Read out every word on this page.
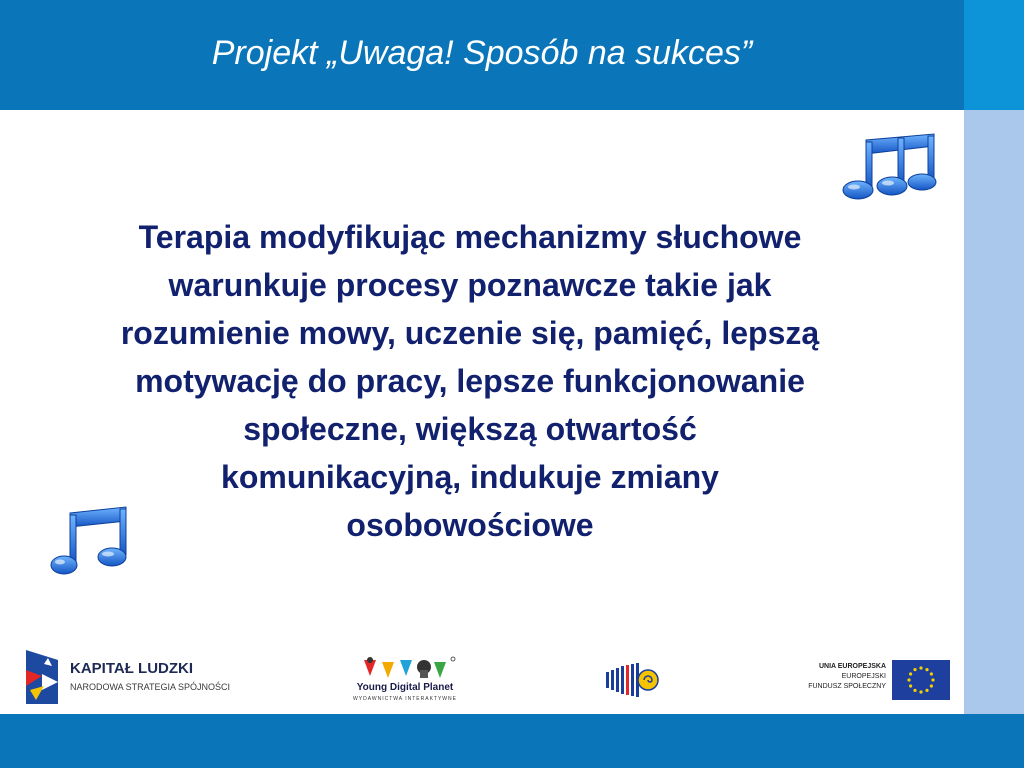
Projekt „Uwaga! Sposób na sukces”
Terapia modyfikując mechanizmy słuchowe
warunkuje procesy poznawcze takie jak
rozumienie mowy, uczenie się, pamięć, lepszą
motywację do pracy, lepsze funkcjonowanie
społeczne, większą otwartość
komunikacyjną, indukuje zmiany
osobowościowe
KAPITAŁ LUDZKI
NARODOWA STRATEGIA SPÓJNOŚCI	Young Digital Planet
WYDAWNICTWA INTERAKTYWNE
UNIA EUROPEJSKA
EUROPEJSKI
FUNDUSZ SPOŁECZNY
